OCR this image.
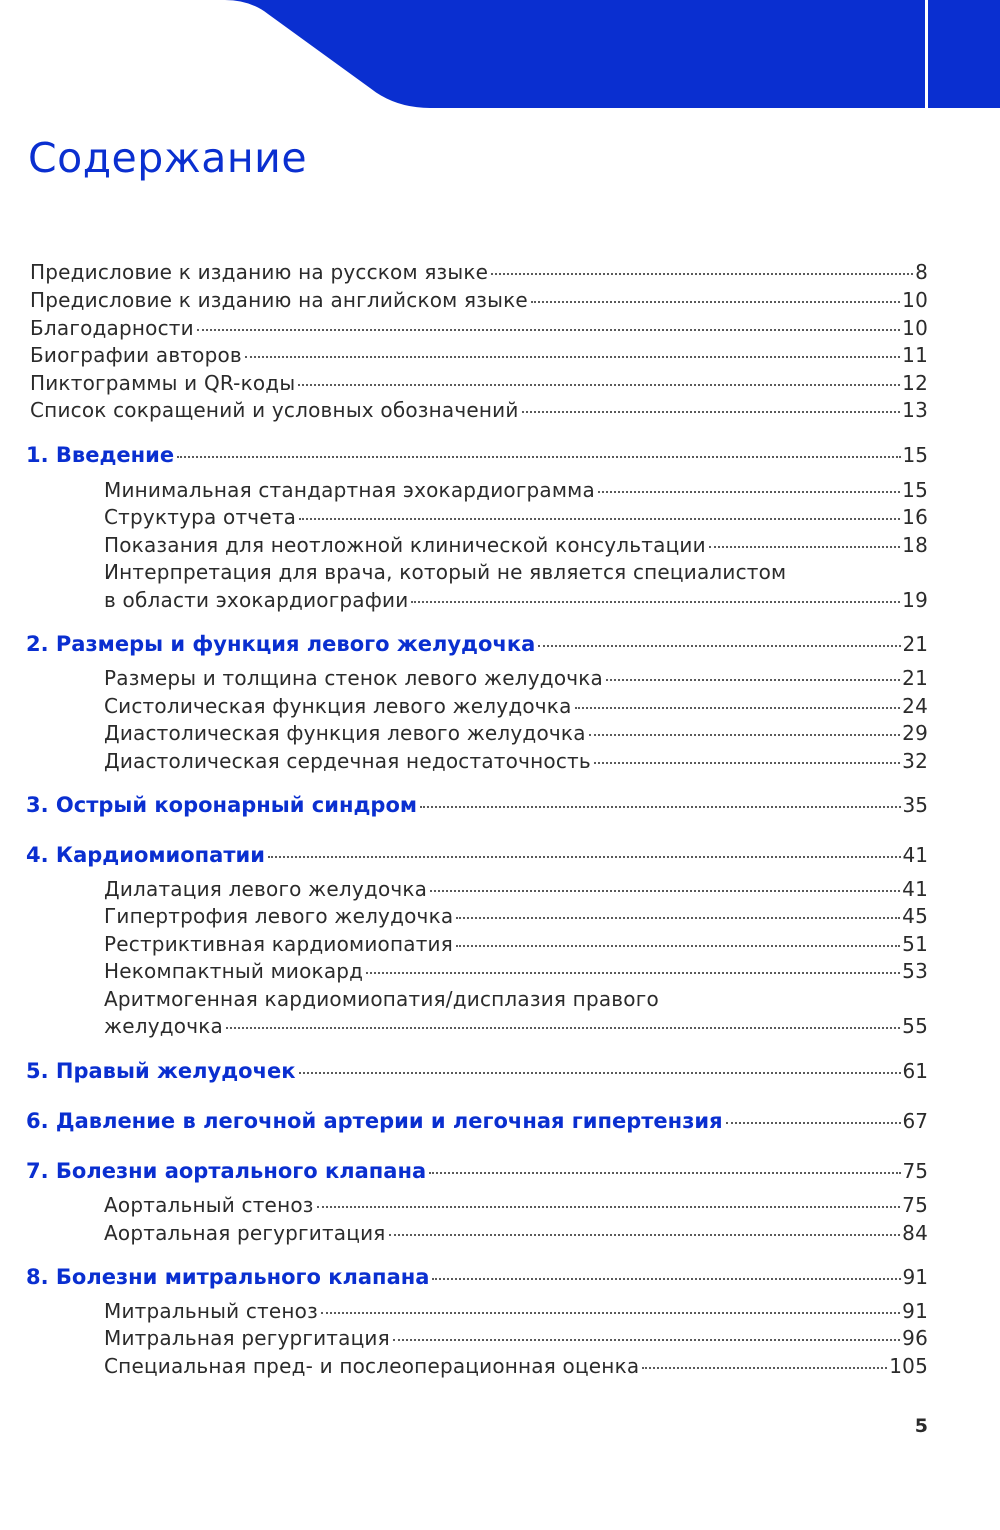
Содержание
Предисловие к изданию на русском языке	8
Предисловие к изданию на английском языке	10
Благодарности	10
Биографии авторов	11
Пиктограммы и QR-коды	12
Список сокращений и условных обозначений	13
1. Введение	15
Минимальная стандартная эхокардиограмма	15
Структура отчета	16
Показания для неотложной клинической консультации	18
Интерпретация для врача, который не является специалистом
в области эхокардиографии	19
2. Размеры и функция левого желудочка	21
Размеры и толщина стенок левого желудочка	21
Систолическая функция левого желудочка	24
Диастолическая функция левого желудочка	29
Диастолическая сердечная недостаточность	32
3. Острый коронарный синдром	35
4. Кардиомиопатии	41
Дилатация левого желудочка	41
Гипертрофия левого желудочка	45
Рестриктивная кардиомиопатия	51
Некомпактный миокард	53
Аритмогенная кардиомиопатия/дисплазия правого
желудочка	55
5. Правый желудочек	61
6. Давление в легочной артерии и легочная гипертензия	67
7. Болезни аортального клапана	75
Аортальный стеноз	75
Аортальная регургитация	84
8. Болезни митрального клапана	91
Митральный стеноз	91
Митральная регургитация	96
Специальная пред- и послеоперационная оценка	105
5
